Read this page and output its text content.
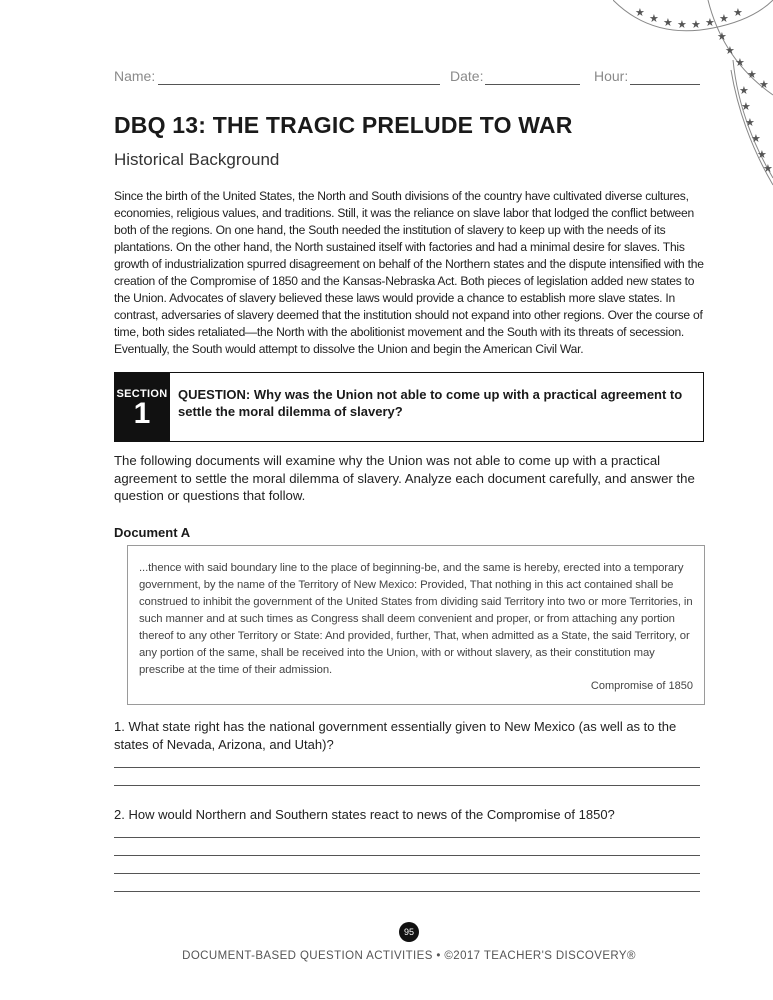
★ ★ ★ ★ ★ ★ ★ ★
★
★
★
★
★
★
★
★
★
★
★
Name:	Date:	Hour:
DBQ 13: THE TRAGIC PRELUDE TO WAR
Historical Background
Since the birth of the United States, the North and South divisions of the country have cultivated diverse cultures, economies, religious values, and traditions. Still, it was the reliance on slave labor that lodged the conflict between both of the regions. On one hand, the South needed the institution of slavery to keep up with the needs of its plantations. On the other hand, the North sustained itself with factories and had a minimal desire for slaves. This growth of industrialization spurred disagreement on behalf of the Northern states and the dispute intensified with the creation of the Compromise of 1850 and the Kansas-Nebraska Act. Both pieces of legislation added new states to the Union. Advocates of slavery believed these laws would provide a chance to establish more slave states. In contrast, adversaries of slavery deemed that the institution should not expand into other regions. Over the course of time, both sides retaliated—the North with the abolitionist movement and the South with its threats of secession. Eventually, the South would attempt to dissolve the Union and begin the American Civil War.
SECTION
1
QUESTION: Why was the Union not able to come up with a practical agreement to settle the moral dilemma of slavery?
The following documents will examine why the Union was not able to come up with a practical agreement to settle the moral dilemma of slavery. Analyze each document carefully, and answer the question or questions that follow.
Document A
...thence with said boundary line to the place of beginning-be, and the same is hereby, erected into a temporary government, by the name of the Territory of New Mexico: Provided, That nothing in this act contained shall be construed to inhibit the government of the United States from dividing said Territory into two or more Territories, in such manner and at such times as Congress shall deem convenient and proper, or from attaching any portion thereof to any other Territory or State: And provided, further, That, when admitted as a State, the said Territory, or any portion of the same, shall be received into the Union, with or without slavery, as their constitution may prescribe at the time of their admission.
Compromise of 1850
1. What state right has the national government essentially given to New Mexico (as well as to the states of Nevada, Arizona, and Utah)?
2. How would Northern and Southern states react to news of the Compromise of 1850?
95
DOCUMENT-BASED QUESTION ACTIVITIES • ©2017 TEACHER'S DISCOVERY®
